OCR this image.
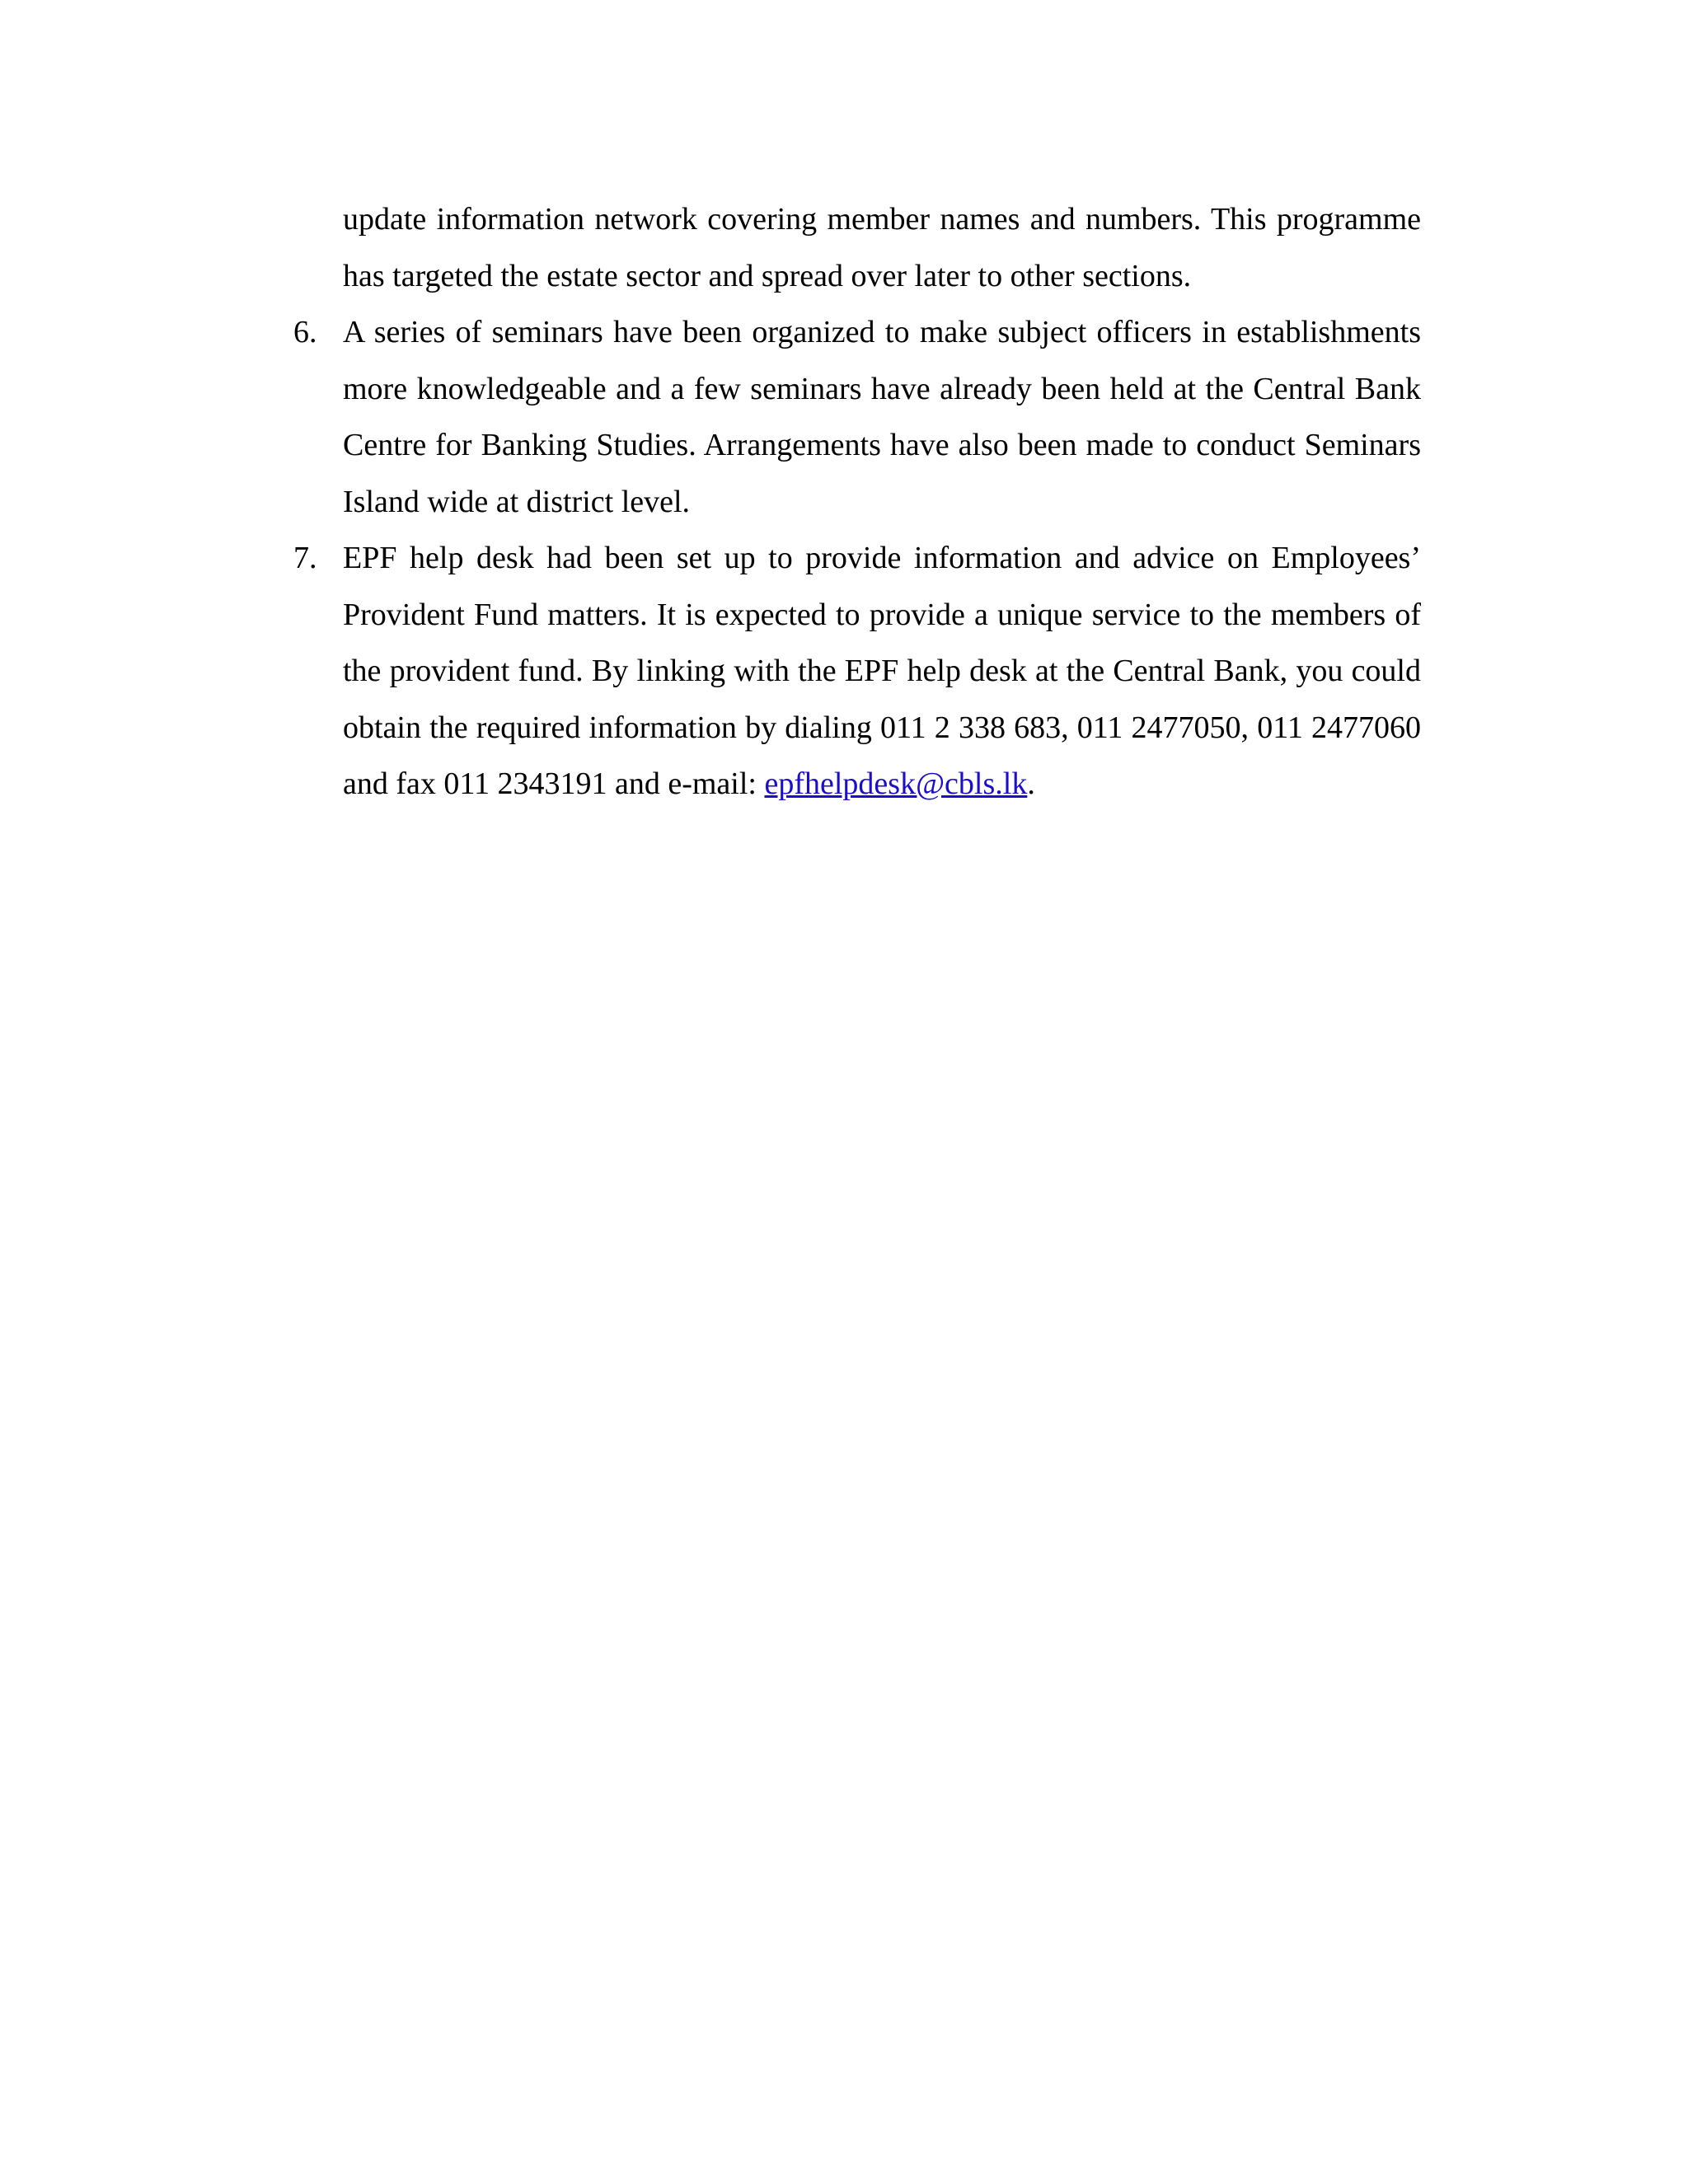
update information network covering member names and numbers. This programme has targeted the estate sector and spread over later to other sections.

6. A series of seminars have been organized to make subject officers in establishments more knowledgeable and a few seminars have already been held at the Central Bank Centre for Banking Studies. Arrangements have also been made to conduct Seminars Island wide at district level.

7. EPF help desk had been set up to provide information and advice on Employees’ Provident Fund matters. It is expected to provide a unique service to the members of the provident fund. By linking with the EPF help desk at the Central Bank, you could obtain the required information by dialing 011 2 338 683, 011 2477050, 011 2477060 and fax 011 2343191 and e-mail: epfhelpdesk@cbls.lk.
